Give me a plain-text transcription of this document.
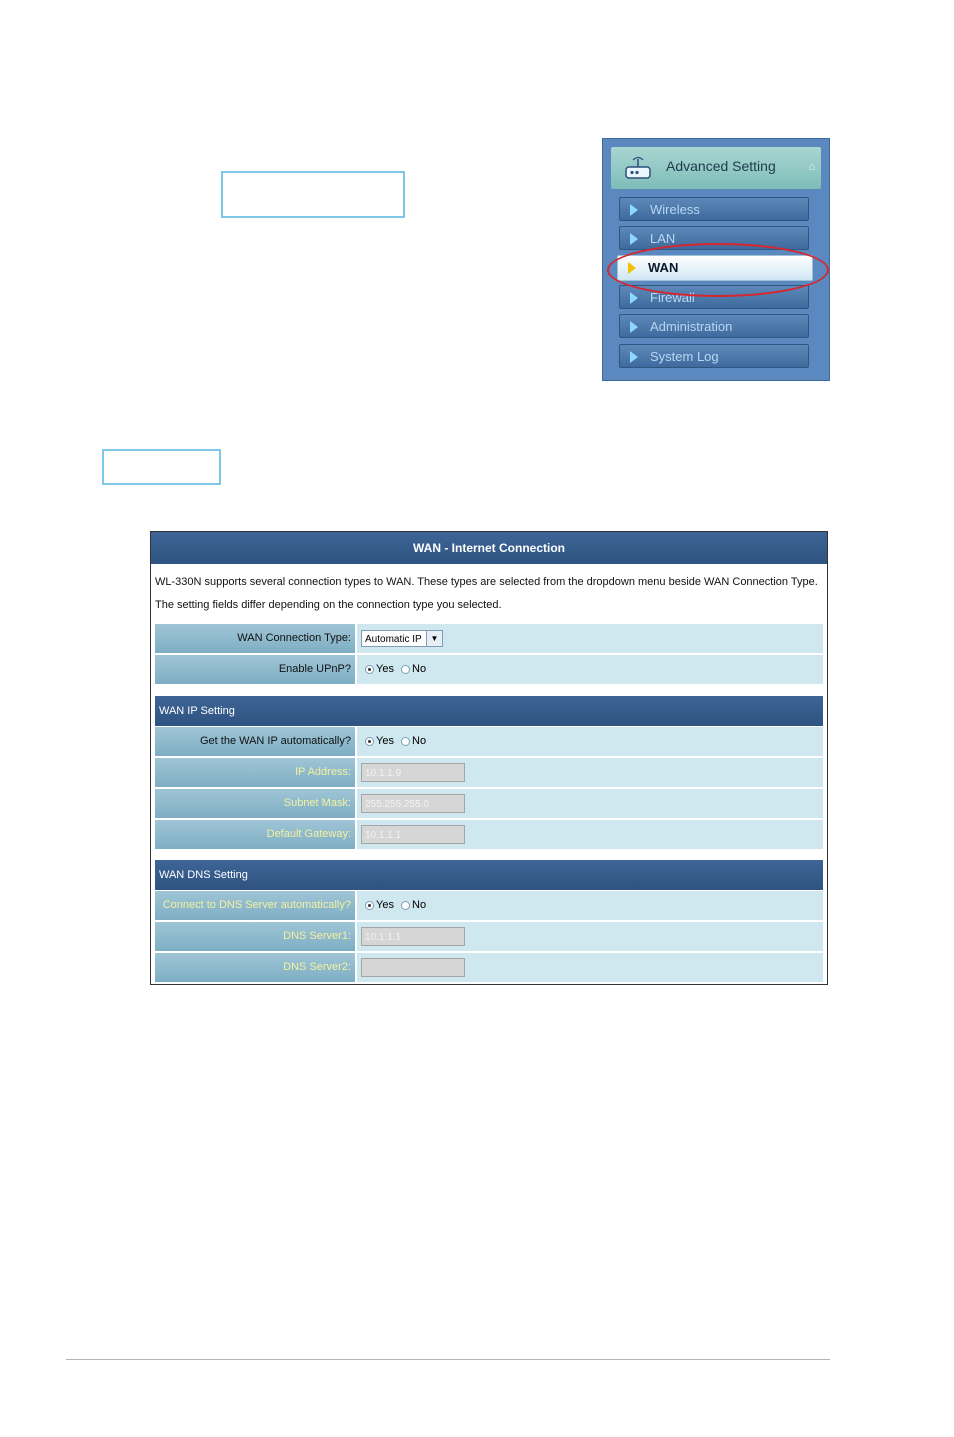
Advanced Setting	⌂
Wireless
LAN
WAN
Firewall
Administration
System Log
WAN - Internet Connection
WL-330N supports several connection types to WAN. These types are selected from the dropdown menu beside WAN Connection Type. The setting fields differ depending on the connection type you selected.
WAN Connection Type:	Automatic IP	▼
Enable UPnP?	Yes No
WAN IP Setting
Get the WAN IP automatically?	Yes No
IP Address:	10.1.1.9
Subnet Mask:	255.255.255.0
Default Gateway:	10.1.1.1
WAN DNS Setting
Connect to DNS Server automatically?	Yes No
DNS Server1:	10.1.1.1
DNS Server2:
